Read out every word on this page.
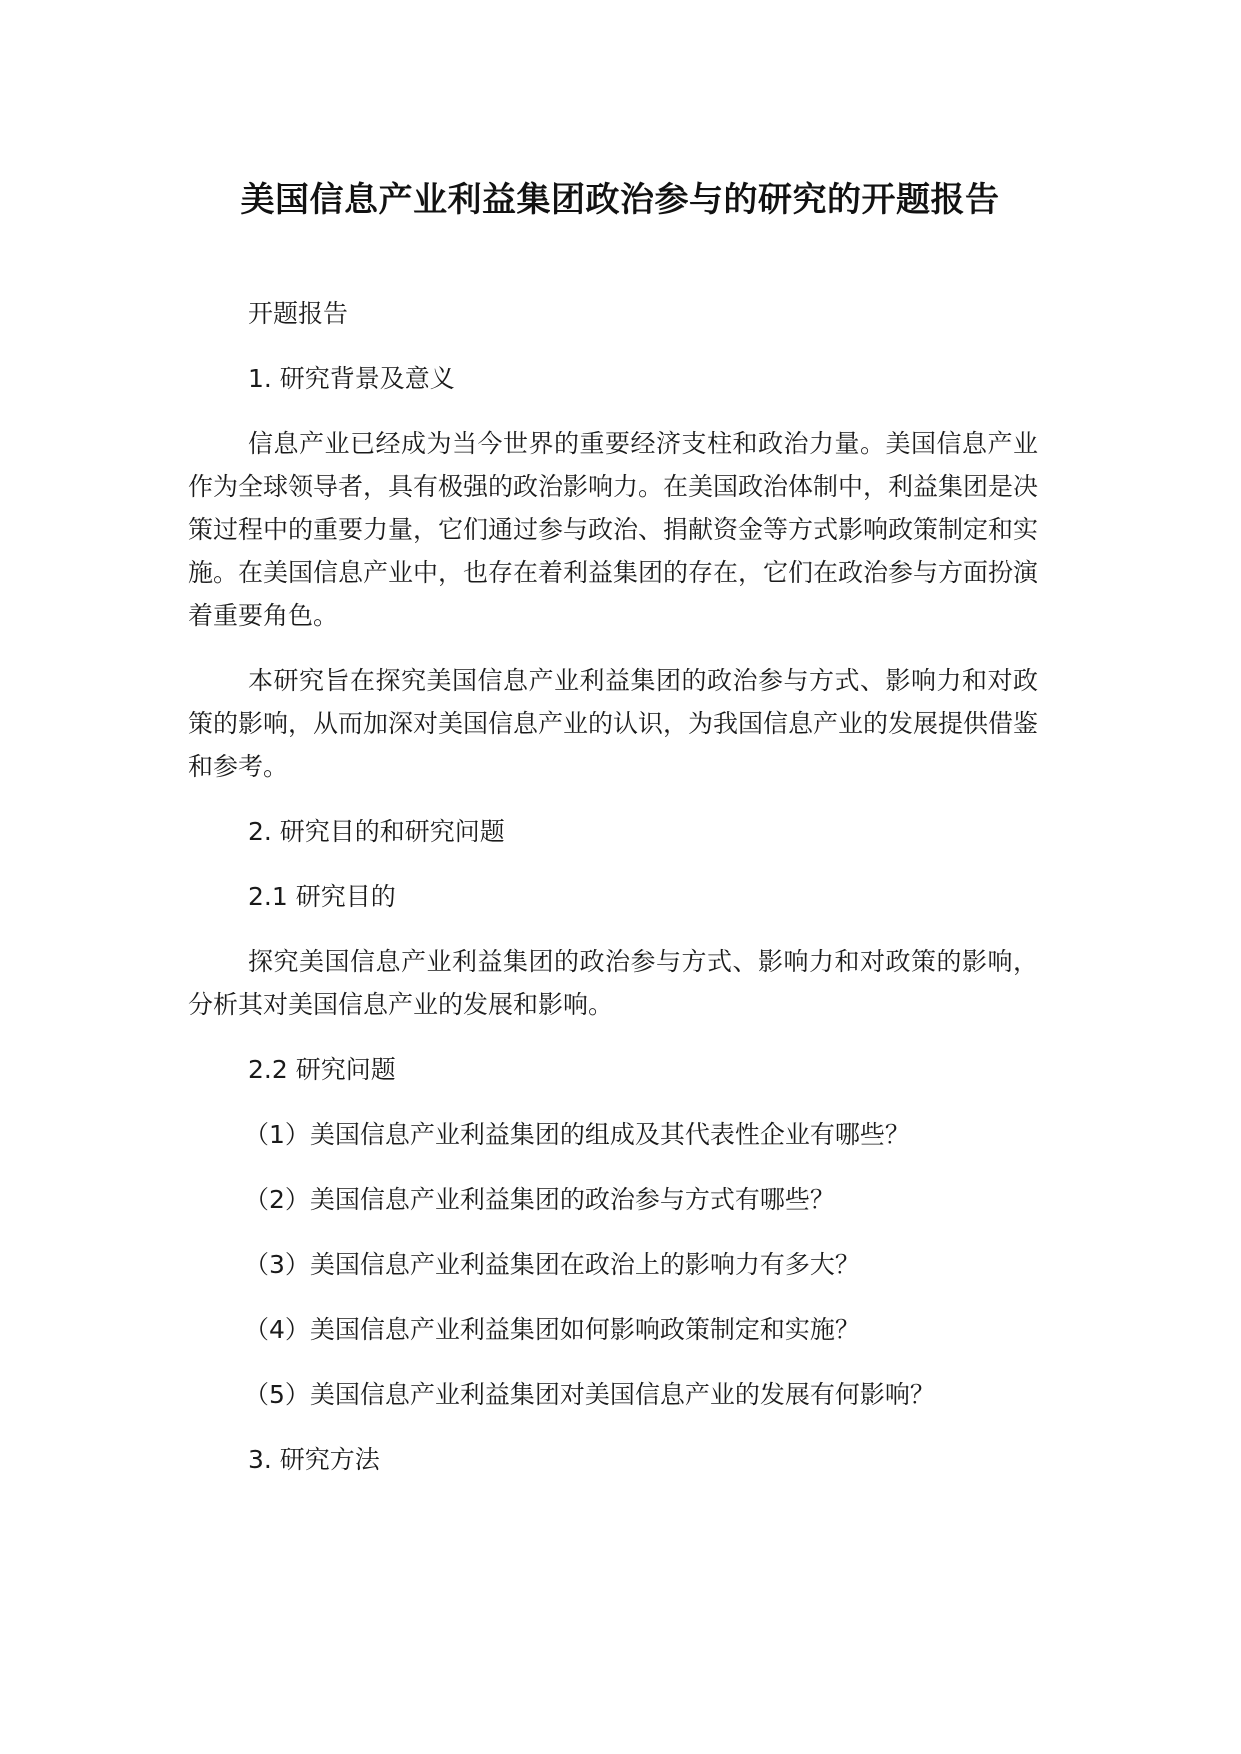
美国信息产业利益集团政治参与的研究的开题报告

开题报告

1. 研究背景及意义

信息产业已经成为当今世界的重要经济支柱和政治力量。美国信息产业作为全球领导者，具有极强的政治影响力。在美国政治体制中，利益集团是决策过程中的重要力量，它们通过参与政治、捐献资金等方式影响政策制定和实施。在美国信息产业中，也存在着利益集团的存在，它们在政治参与方面扮演着重要角色。

本研究旨在探究美国信息产业利益集团的政治参与方式、影响力和对政策的影响，从而加深对美国信息产业的认识，为我国信息产业的发展提供借鉴和参考。

2. 研究目的和研究问题

2.1 研究目的

探究美国信息产业利益集团的政治参与方式、影响力和对政策的影响，分析其对美国信息产业的发展和影响。

2.2 研究问题

（1）美国信息产业利益集团的组成及其代表性企业有哪些？

（2）美国信息产业利益集团的政治参与方式有哪些？

（3）美国信息产业利益集团在政治上的影响力有多大？

（4）美国信息产业利益集团如何影响政策制定和实施？

（5）美国信息产业利益集团对美国信息产业的发展有何影响？

3. 研究方法
